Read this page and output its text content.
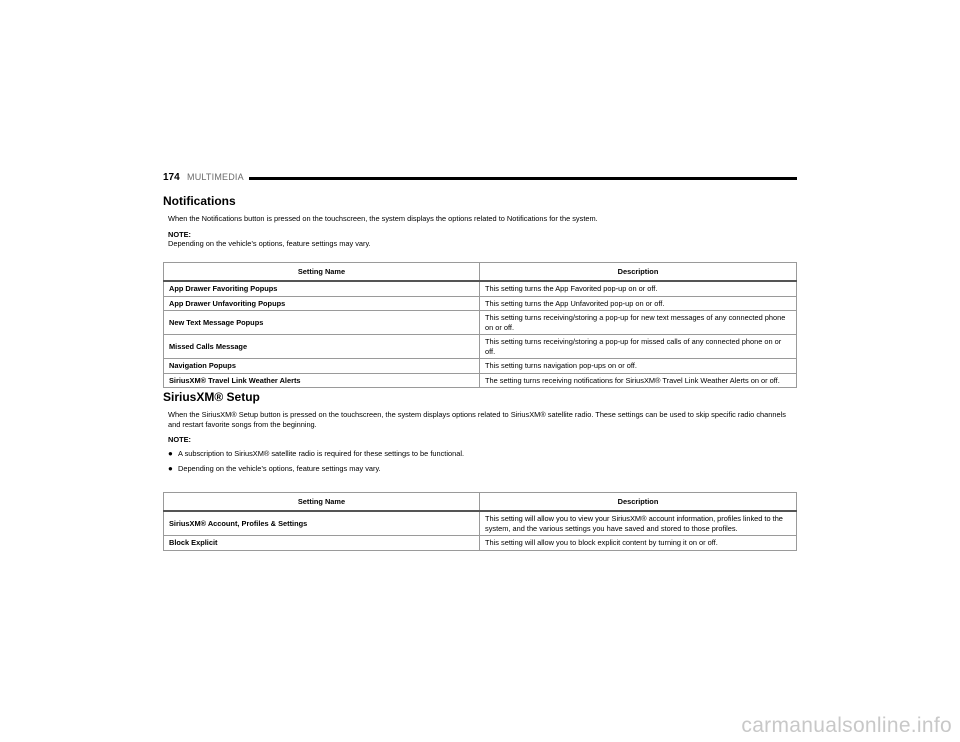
174 MULTIMEDIA
Notifications

When the Notifications button is pressed on the touchscreen, the system displays the options related to Notifications for the system.

NOTE:

Depending on the vehicle’s options, feature settings may vary.

Setting Name	Description
App Drawer Favoriting Popups	This setting turns the App Favorited pop-up on or off.
App Drawer Unfavoriting Popups	This setting turns the App Unfavorited pop-up on or off.
New Text Message Popups	This setting turns receiving/storing a pop-up for new text messages of any connected phone on or off.
Missed Calls Message	This setting turns receiving/storing a pop-up for missed calls of any connected phone on or off.
Navigation Popups	This setting turns navigation pop-ups on or off.
SiriusXM® Travel Link Weather Alerts	The setting turns receiving notifications for SiriusXM® Travel Link Weather Alerts on or off.
SiriusXM® Setup

When the SiriusXM® Setup button is pressed on the touchscreen, the system displays options related to SiriusXM® satellite radio. These settings can be used to skip specific radio channels and restart favorite songs from the beginning.

NOTE:

● A subscription to SiriusXM® satellite radio is required for these settings to be functional.
● Depending on the vehicle’s options, feature settings may vary.
Setting Name	Description
SiriusXM® Account, Profiles & Settings	This setting will allow you to view your SiriusXM® account information, profiles linked to the system, and the various settings you have saved and stored to those profiles.
Block Explicit	This setting will allow you to block explicit content by turning it on or off.
carmanualsonline.info
